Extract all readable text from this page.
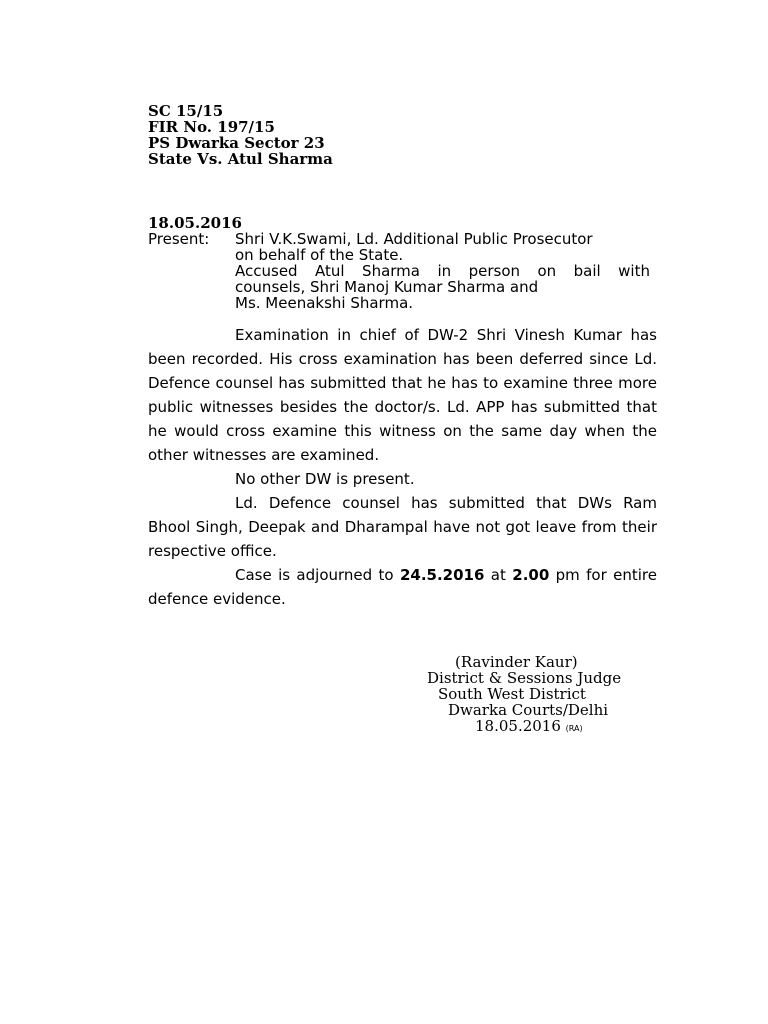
SC 15/15
FIR No. 197/15
PS Dwarka Sector 23
State Vs. Atul Sharma
18.05.2016
Present: Shri V.K.Swami, Ld. Additional Public Prosecutor
on behalf of the State.
Accused Atul Sharma in person on bail with
counsels, Shri Manoj Kumar Sharma and
Ms. Meenakshi Sharma.

Examination in chief of DW-2 Shri Vinesh Kumar has been recorded. His cross examination has been deferred since Ld. Defence counsel has submitted that he has to examine three more public witnesses besides the doctor/s. Ld. APP has submitted that he would cross examine this witness on the same day when the other witnesses are examined.

No other DW is present.

Ld. Defence counsel has submitted that DWs Ram Bhool Singh, Deepak and Dharampal have not got leave from their respective office.

Case is adjourned to 24.5.2016 at 2.00 pm for entire defence evidence.

(Ravinder Kaur)
District & Sessions Judge
South West District
Dwarka Courts/Delhi
18.05.2016 (RA)
